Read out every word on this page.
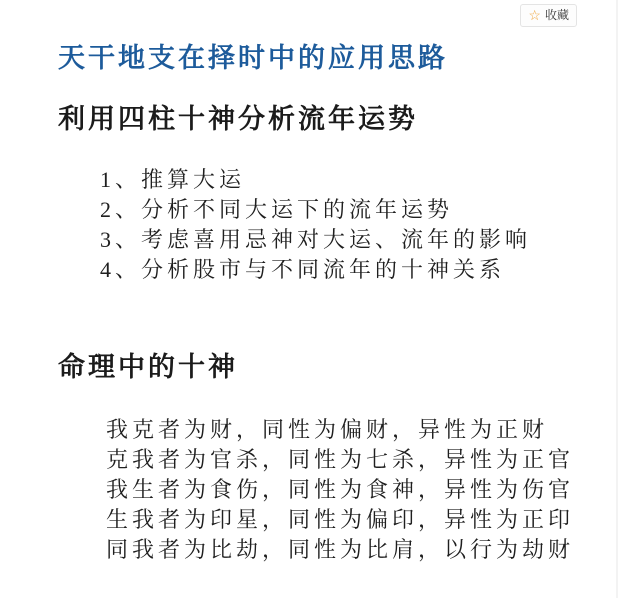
☆ 收藏
天干地支在择时中的应用思路
利用四柱十神分析流年运势
1、推算大运
2、分析不同大运下的流年运势
3、考虑喜用忌神对大运、流年的影响
4、分析股市与不同流年的十神关系
命理中的十神
我克者为财，同性为偏财，异性为正财
克我者为官杀，同性为七杀，异性为正官
我生者为食伤，同性为食神，异性为伤官
生我者为印星，同性为偏印，异性为正印
同我者为比劫，同性为比肩，以行为劫财
